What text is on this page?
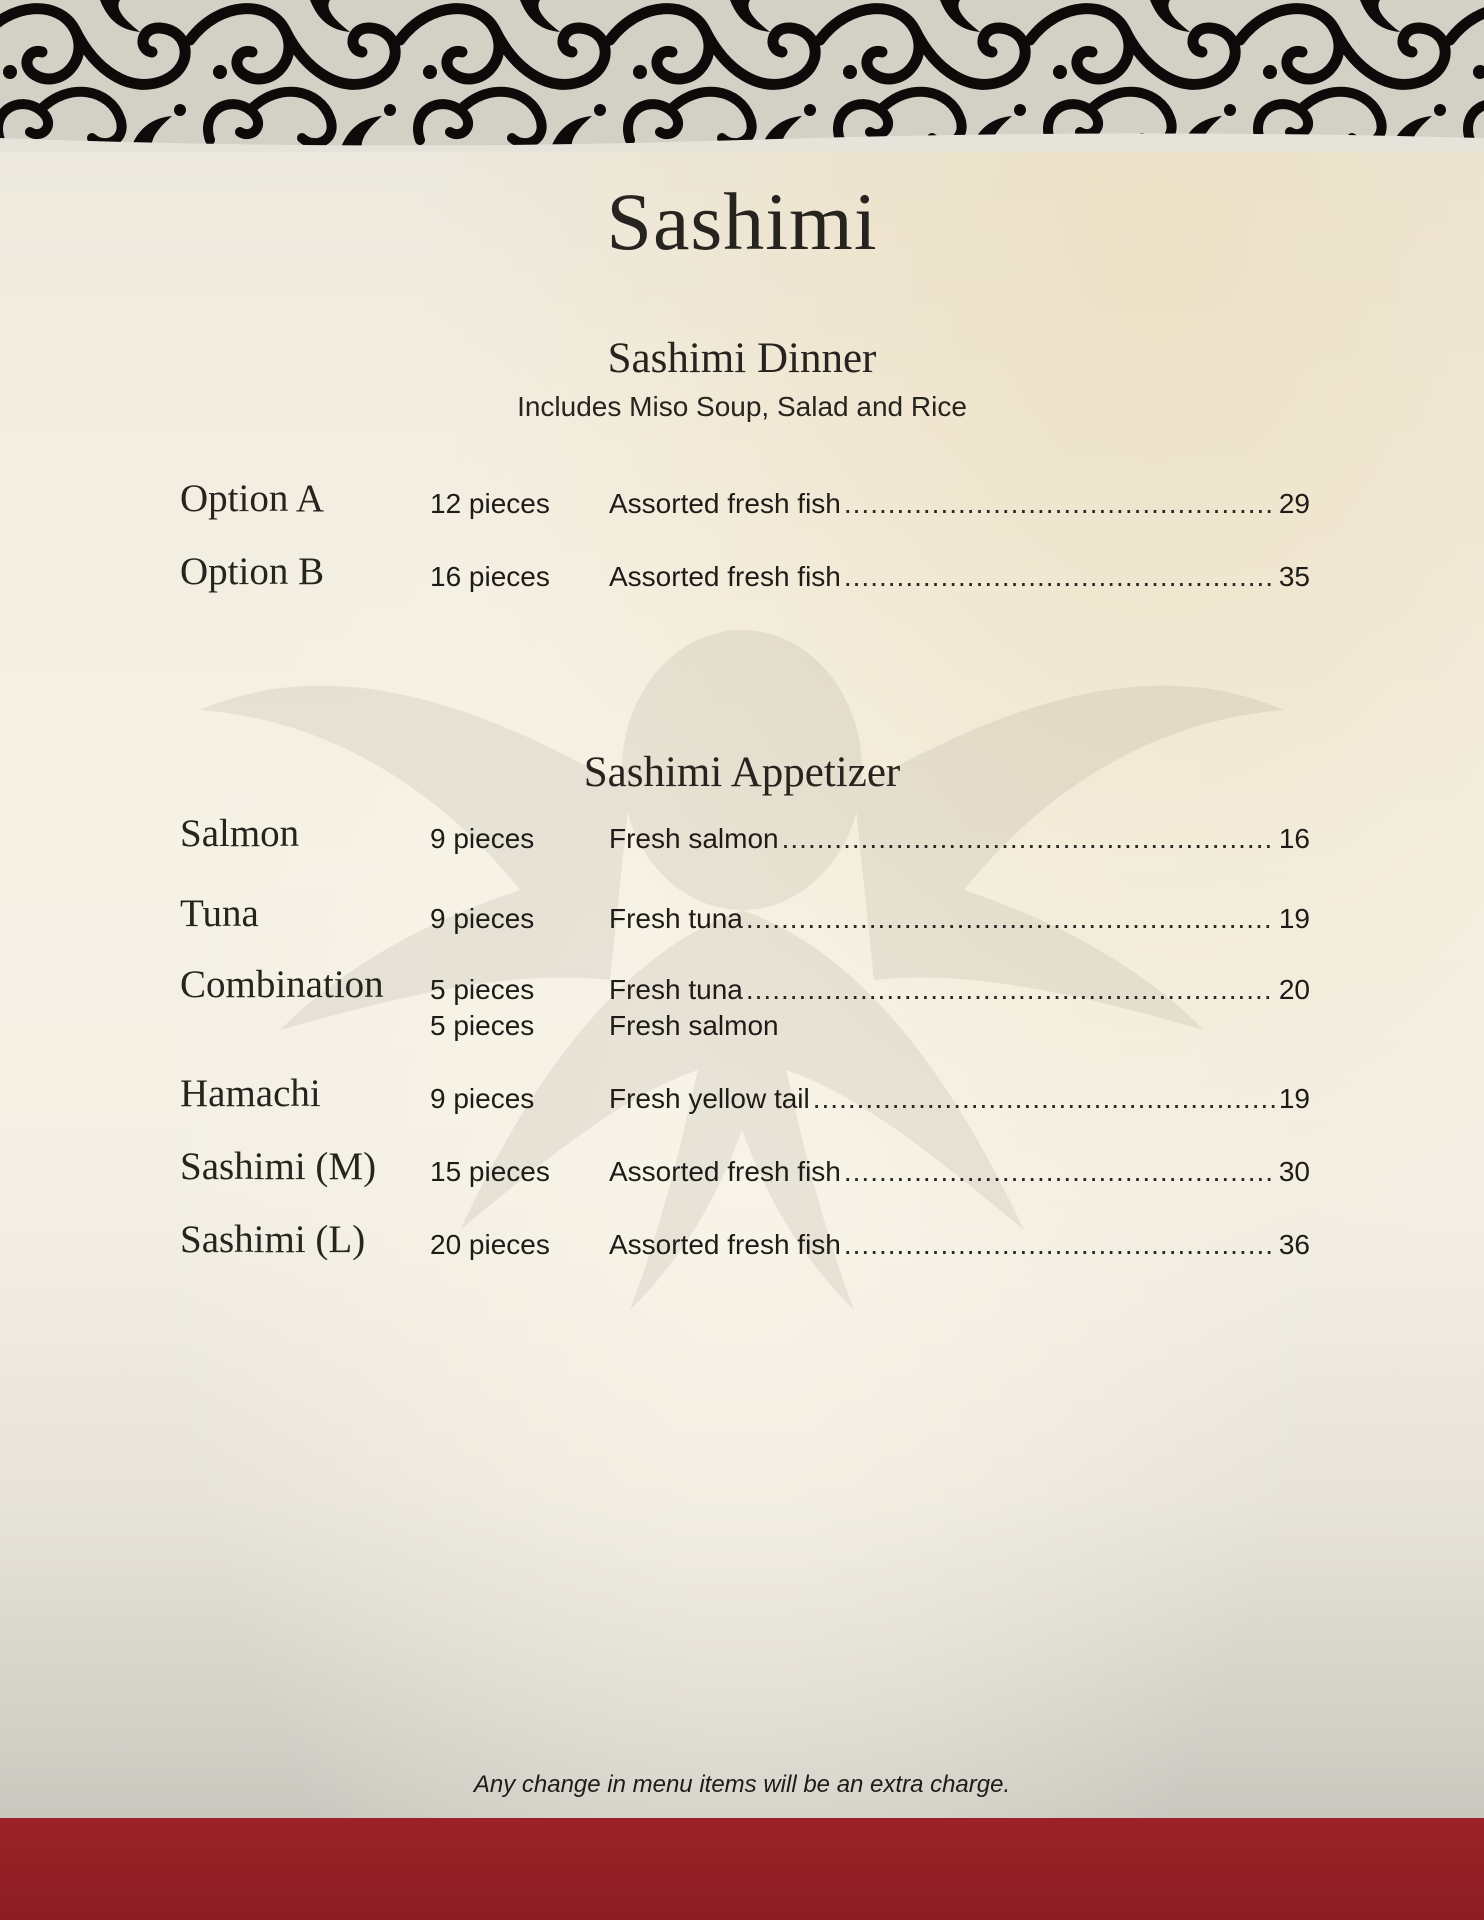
Sashimi
Sashimi Dinner
Includes Miso Soup, Salad and Rice
Option A	12 pieces Assorted fresh fish .....	29
Option B	16 pieces Assorted fresh fish .....	35
Sashimi Appetizer
Salmon	9 pieces	Fresh salmon .....	16
Tuna	9 pieces	Fresh tuna .....	19
Combination 5 pieces	Fresh tuna .....	20
5 pieces	Fresh salmon
Hamachi	9 pieces	Fresh yellow tail .....	19
Sashimi (M) 15 pieces Assorted fresh fish .....	30
Sashimi (L) 20 pieces Assorted fresh fish .....	36
Any change in menu items will be an extra charge.
